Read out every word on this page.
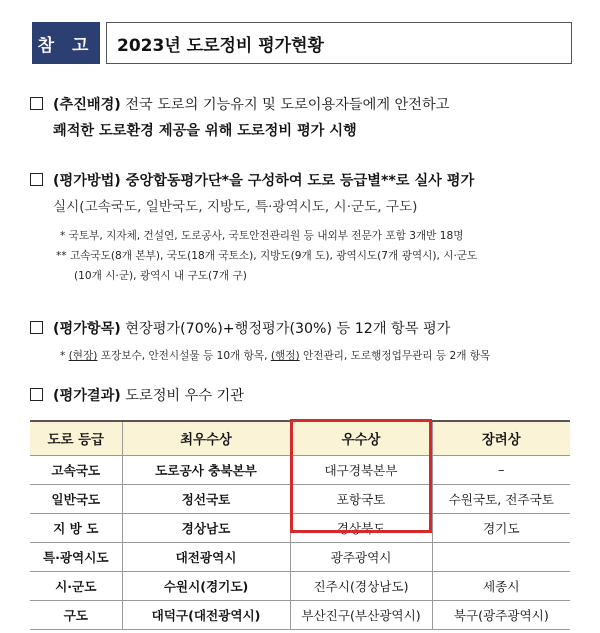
참 고	2023년 도로정비 평가현황
(추진배경) 전국 도로의 기능유지 및 도로이용자들에게 안전하고
쾌적한 도로환경 제공을 위해 도로정비 평가 시행
(평가방법) 중앙합동평가단*을 구성하여 도로 등급별**로 실사 평가
실시(고속국도, 일반국도, 지방도, 특·광역시도, 시·군도, 구도)
* 국토부, 지자체, 건설연, 도로공사, 국토안전관리원 등 내외부 전문가 포함 3개반 18명
** 고속국도(8개 본부), 국도(18개 국토소), 지방도(9개 도), 광역시도(7개 광역시), 시·군도
(10개 시·군), 광역시 내 구도(7개 구)
(평가항목) 현장평가(70%)+행정평가(30%) 등 12개 항목 평가
* (현장) 포장보수, 안전시설물 등 10개 항목, (행정) 안전관리, 도로행정업무관리 등 2개 항목
(평가결과) 도로정비 우수 기관
도로 등급	최우수상	우수상	장려상
고속국도	도로공사 충북본부	대구경북본부	–
일반국도	정선국토	포항국토	수원국토, 전주국토
지 방 도	경상남도	경상북도	경기도
특·광역시도	대전광역시	광주광역시	
시·군도	수원시(경기도)	진주시(경상남도)	세종시
구도	대덕구(대전광역시)	부산진구(부산광역시)	북구(광주광역시)
